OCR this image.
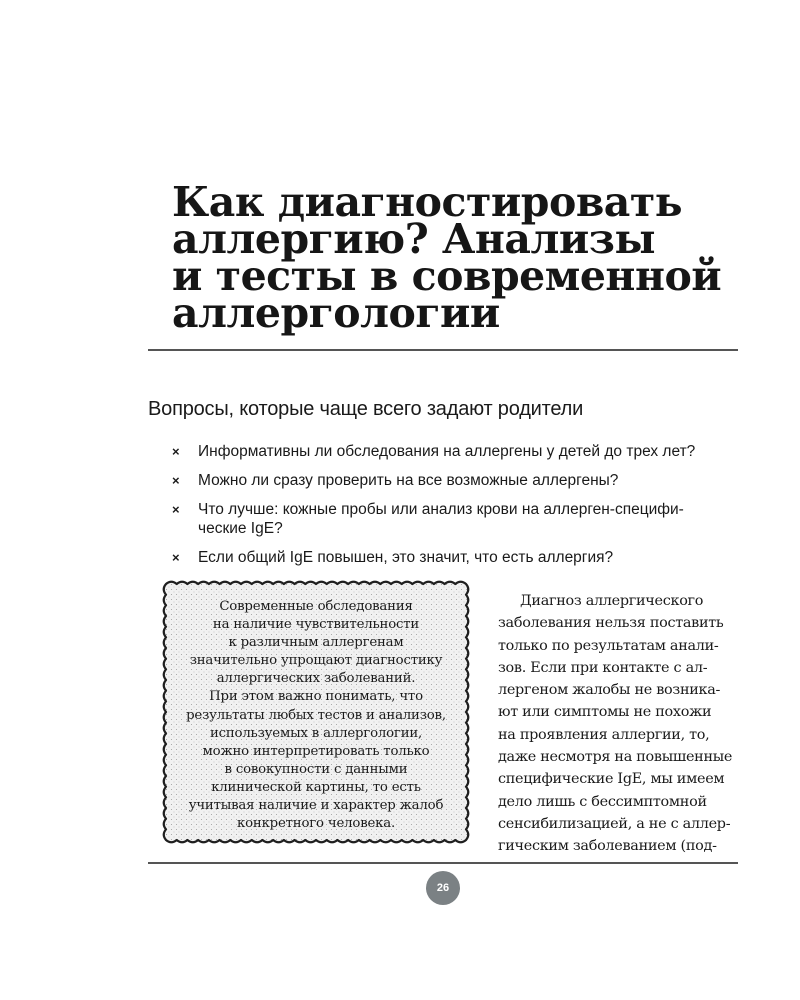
Как диагностировать
аллергию? Анализы
и тесты в современной
аллергологии
Вопросы, которые чаще всего задают родители
× Информативны ли обследования на аллергены у детей до трех лет?
× Можно ли сразу проверить на все возможные аллергены?
× Что лучше: кожные пробы или анализ крови на аллерген-специфи-
ческие IgE?
× Если общий IgE повышен, это значит, что есть аллергия?
Современные обследования
на наличие чувствительности
к различным аллергенам
значительно упрощают диагностику
аллергических заболеваний.
При этом важно понимать, что
результаты любых тестов и анализов,
используемых в аллергологии,
можно интерпретировать только
в совокупности с данными
клинической картины, то есть
учитывая наличие и характер жалоб
конкретного человека.
Диагноз аллергического
заболевания нельзя поставить
только по результатам анали-
зов. Если при контакте с ал-
лергеном жалобы не возника-
ют или симптомы не похожи
на проявления аллергии, то,
даже несмотря на повышенные
специфические IgE, мы имеем
дело лишь с бессимптомной
сенсибилизацией, а не с аллер-
гическим заболеванием (под-
26
